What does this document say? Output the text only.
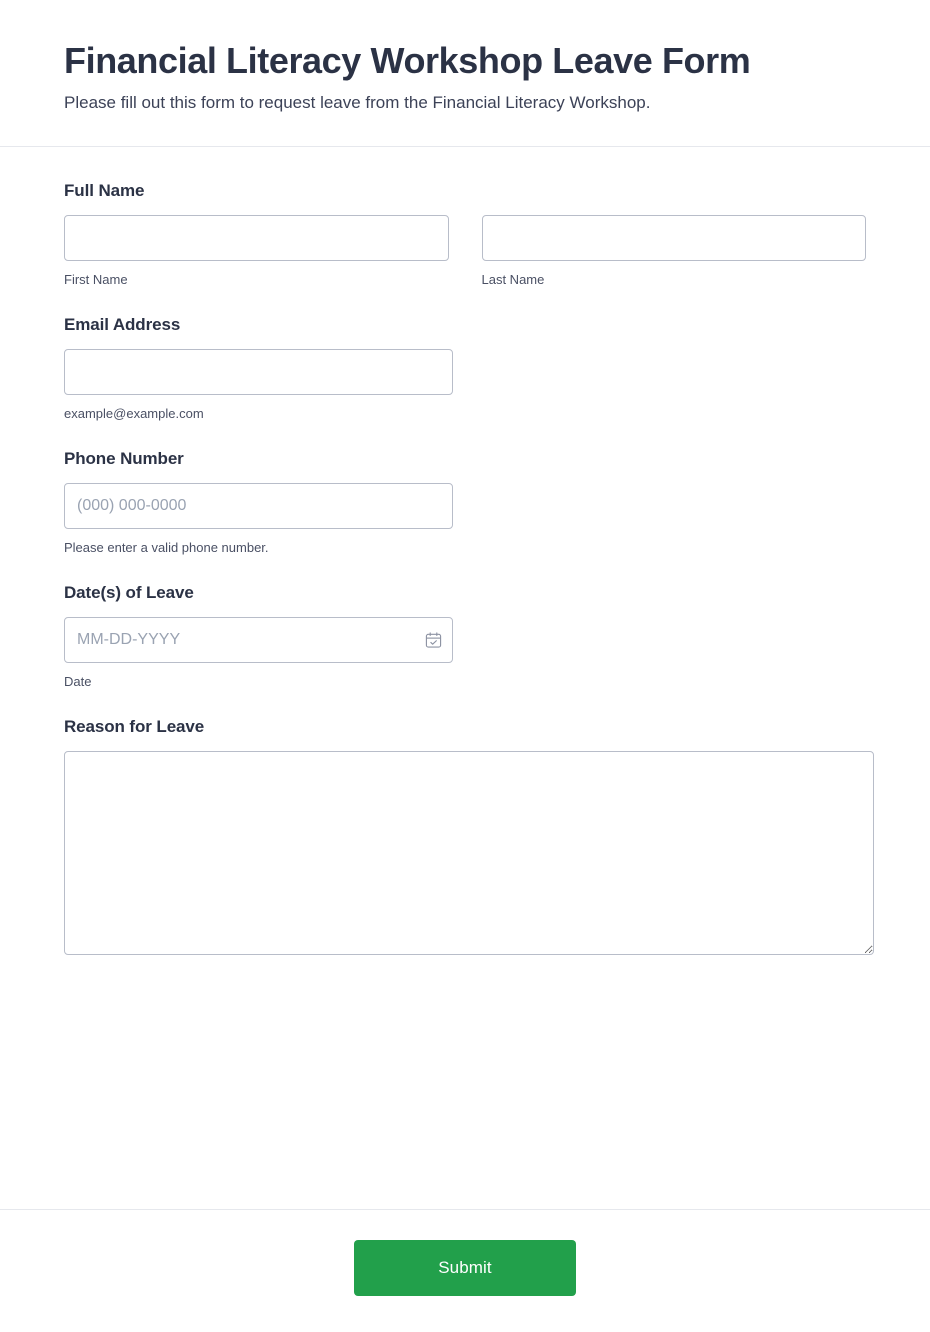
Financial Literacy Workshop Leave Form

Please fill out this form to request leave from the Financial Literacy Workshop.

Full Name
First Name	Last Name
Email Address
example@example.com
Phone Number
(000) 000-0000
Please enter a valid phone number.
Date(s) of Leave
MM-DD-YYYY
Date
Reason for Leave
Submit
